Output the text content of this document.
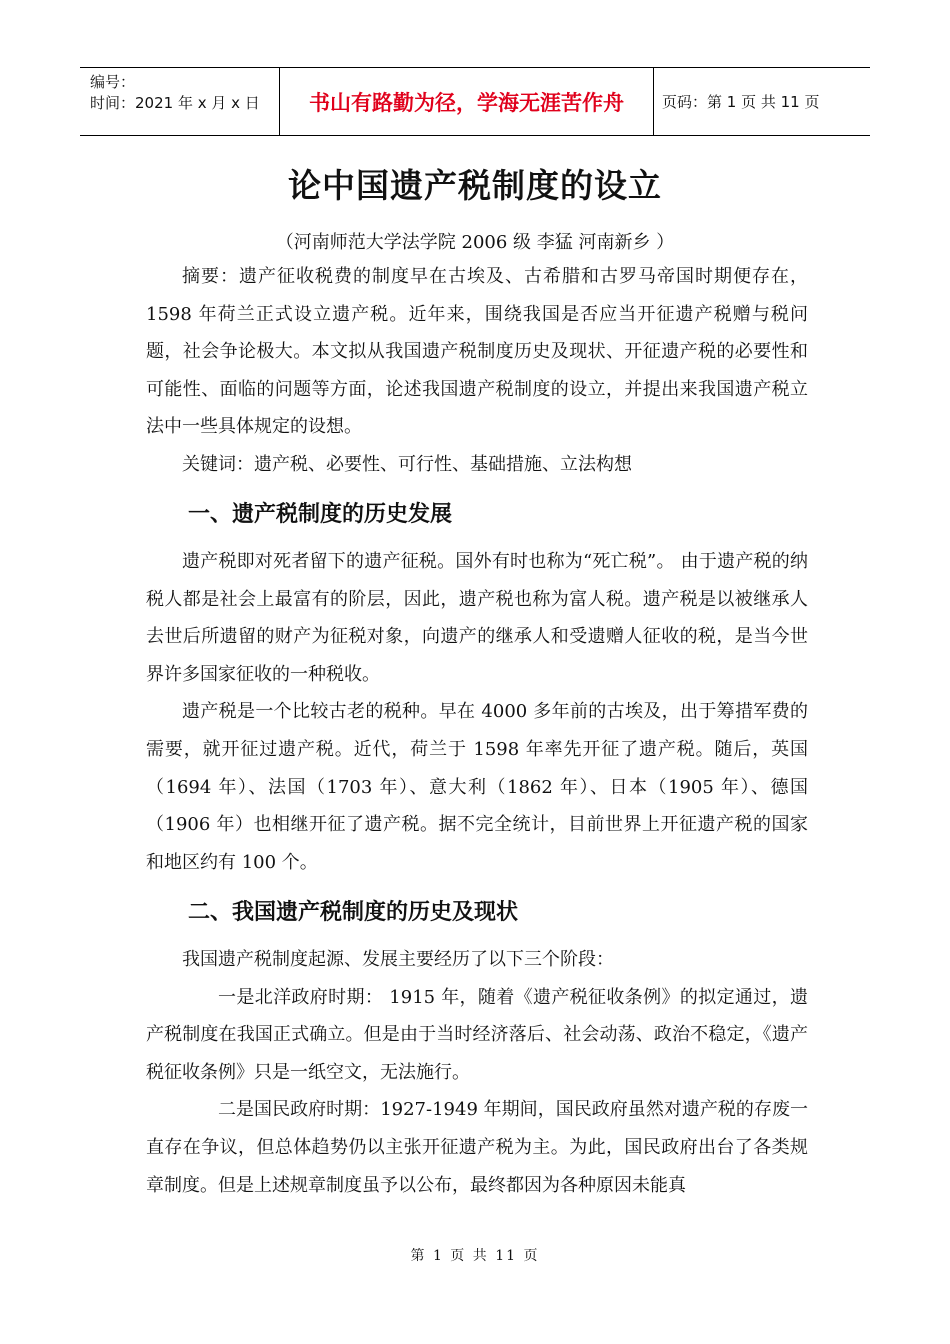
编号：
时间：2021 年 x 月 x 日	书山有路勤为径，学海无涯苦作舟	页码：第 1 页 共 11 页
论中国遗产税制度的设立
（河南师范大学法学院 2006 级 李猛 河南新乡 ）

摘要：遗产征收税费的制度早在古埃及、古希腊和古罗马帝国时期便存在，1598 年荷兰正式设立遗产税。近年来，围绕我国是否应当开征遗产税赠与税问题，社会争论极大。本文拟从我国遗产税制度历史及现状、开征遗产税的必要性和可能性、面临的问题等方面，论述我国遗产税制度的设立，并提出来我国遗产税立法中一些具体规定的设想。

关键词：遗产税、必要性、可行性、基础措施、立法构想

一、遗产税制度的历史发展

遗产税即对死者留下的遗产征税。国外有时也称为“死亡税”。 由于遗产税的纳税人都是社会上最富有的阶层，因此，遗产税也称为富人税。遗产税是以被继承人去世后所遗留的财产为征税对象，向遗产的继承人和受遗赠人征收的税，是当今世界许多国家征收的一种税收。

遗产税是一个比较古老的税种。早在 4000 多年前的古埃及，出于筹措军费的需要，就开征过遗产税。近代，荷兰于 1598 年率先开征了遗产税。随后，英国（1694 年）、法国（1703 年）、意大利（1862 年）、日本（1905 年）、德国（1906 年）也相继开征了遗产税。据不完全统计，目前世界上开征遗产税的国家和地区约有 100 个。

二、我国遗产税制度的历史及现状

我国遗产税制度起源、发展主要经历了以下三个阶段：

一是北洋政府时期： 1915 年，随着《遗产税征收条例》的拟定通过，遗产税制度在我国正式确立。但是由于当时经济落后、社会动荡、政治不稳定，《遗产税征收条例》只是一纸空文，无法施行。

二是国民政府时期：1927-1949 年期间，国民政府虽然对遗产税的存废一直存在争议，但总体趋势仍以主张开征遗产税为主。为此，国民政府出台了各类规章制度。但是上述规章制度虽予以公布，最终都因为各种原因未能真

第 1 页 共 11 页
